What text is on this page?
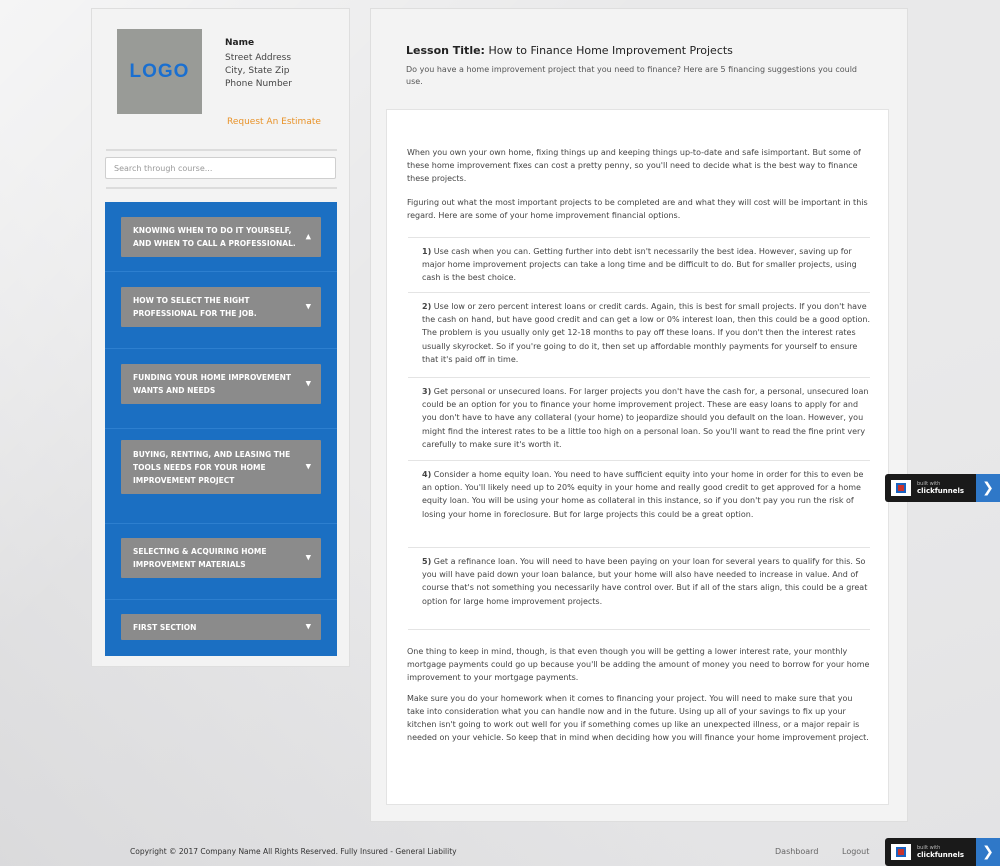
LOGO
Name
Street Address
City, State Zip
Phone Number
Request An Estimate
Search through course...
KNOWING WHEN TO DO IT YOURSELF, AND WHEN TO CALL A PROFESSIONAL.
▲
HOW TO SELECT THE RIGHT PROFESSIONAL FOR THE JOB.
▼
FUNDING YOUR HOME IMPROVEMENT WANTS AND NEEDS
▼
BUYING, RENTING, AND LEASING THE TOOLS NEEDS FOR YOUR HOME IMPROVEMENT PROJECT
▼
SELECTING & ACQUIRING HOME IMPROVEMENT MATERIALS
▼
FIRST SECTION	▼
Lesson Title: How to Finance Home Improvement Projects
Do you have a home improvement project that you need to finance? Here are 5 financing suggestions you could use.
When you own your own home, fixing things up and keeping things up-to-date and safe isimportant. But some of these home improvement fixes can cost a pretty penny, so you'll need to decide what is the best way to finance these projects.
Figuring out what the most important projects to be completed are and what they will cost will be important in this regard. Here are some of your home improvement financial options.
1) Use cash when you can. Getting further into debt isn't necessarily the best idea. However, saving up for major home improvement projects can take a long time and be difficult to do. But for smaller projects, using cash is the best choice.
2) Use low or zero percent interest loans or credit cards. Again, this is best for small projects. If you don't have the cash on hand, but have good credit and can get a low or 0% interest loan, then this could be a good option. The problem is you usually only get 12-18 months to pay off these loans. If you don't then the interest rates usually skyrocket. So if you're going to do it, then set up affordable monthly payments for yourself to ensure that it's paid off in time.
3) Get personal or unsecured loans. For larger projects you don't have the cash for, a personal, unsecured loan could be an option for you to finance your home improvement project. These are easy loans to apply for and you don't have to have any collateral (your home) to jeopardize should you default on the loan. However, you might find the interest rates to be a little too high on a personal loan. So you'll want to read the fine print very carefully to make sure it's worth it.
4) Consider a home equity loan. You need to have sufficient equity into your home in order for this to even be an option. You'll likely need up to 20% equity in your home and really good credit to get approved for a home equity loan. You will be using your home as collateral in this instance, so if you don't pay you run the risk of losing your home in foreclosure. But for large projects this could be a great option.
5) Get a refinance loan. You will need to have been paying on your loan for several years to qualify for this. So you will have paid down your loan balance, but your home will also have needed to increase in value. And of course that's not something you necessarily have control over. But if all of the stars align, this could be a great option for large home improvement projects.
One thing to keep in mind, though, is that even though you will be getting a lower interest rate, your monthly mortgage payments could go up because you'll be adding the amount of money you need to borrow for your home improvement to your mortgage payments.
Make sure you do your homework when it comes to financing your project. You will need to make sure that you take into consideration what you can handle now and in the future. Using up all of your savings to fix up your kitchen isn't going to work out well for you if something comes up like an unexpected illness, or a major repair is needed on your vehicle. So keep that in mind when deciding how you will finance your home improvement project.
Copyright © 2017 Company Name All Rights Reserved. Fully Insured - General Liability	Dashboard	Logout
built with
clickfunnels	❯
built with
clickfunnels	❯
